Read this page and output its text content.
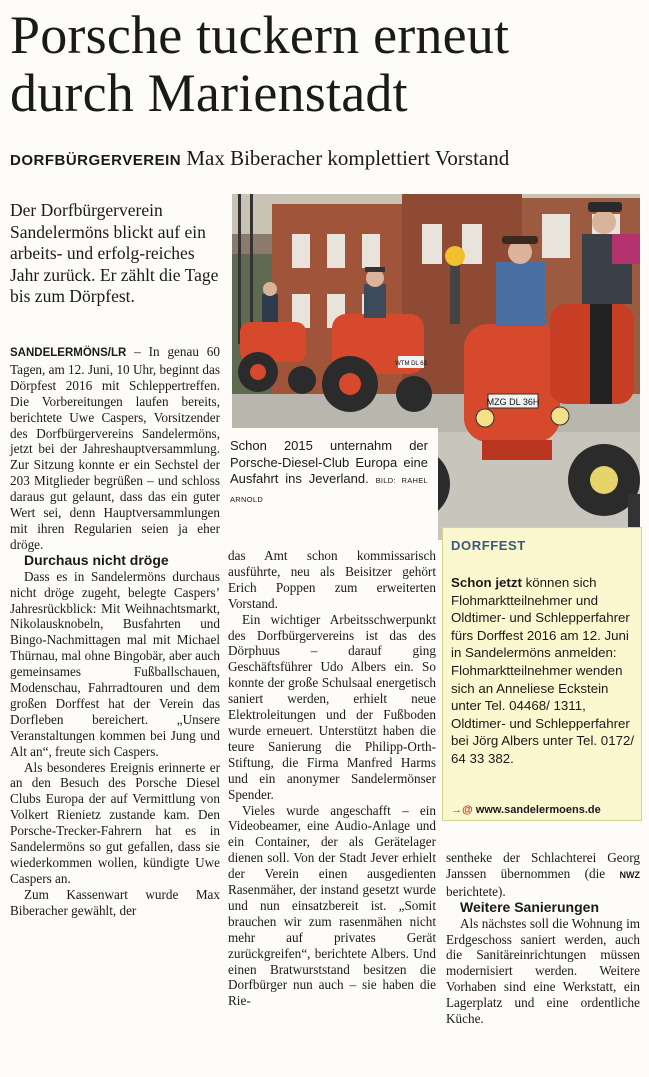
Porsche tuckern erneut durch Marienstadt
DORFBÜRGERVEREIN Max Biberacher komplettiert Vorstand
Der Dorfbürgerverein Sandelermöns blickt auf ein arbeits- und erfolg-reiches Jahr zurück. Er zählt die Tage bis zum Dörpfest.

SANDELERMÖNS/LR – In genau 60 Tagen, am 12. Juni, 10 Uhr, beginnt das Dörpfest 2016 mit Schleppertreffen. Die Vorbereitungen laufen bereits, berichtete Uwe Caspers, Vorsitzender des Dorfbürgervereins Sandelermöns, jetzt bei der Jahreshauptversammlung. Zur Sitzung konnte er ein Sechstel der 203 Mitglieder begrüßen – und schloss daraus gut gelaunt, dass das ein guter Wert sei, denn Hauptversammlungen mit ihren Regularien seien ja eher dröge.

Durchaus nicht dröge

Dass es in Sandelermöns durchaus nicht dröge zugeht, belegte Caspers’ Jahresrückblick: Mit Weihnachtsmarkt, Nikolausknobeln, Busfahrten und Bingo-Nachmittagen mal mit Michael Thürnau, mal ohne Bingobär, aber auch gemeinsames Fußballschauen, Modenschau, Fahrradtouren und dem großen Dorffest hat der Verein das Dorfleben bereichert. „Unsere Veranstaltungen kommen bei Jung und Alt an“, freute sich Caspers.

Als besonderes Ereignis erinnerte er an den Besuch des Porsche Diesel Clubs Europa der auf Vermittlung von Volkert Rienietz zustande kam. Den Porsche-Trecker-Fahrern hat es in Sandelermöns so gut gefallen, dass sie wiederkommen wollen, kündigte Uwe Caspers an.

Zum Kassenwart wurde Max Biberacher gewählt, der

das Amt schon kommissarisch ausführte, neu als Beisitzer gehört Erich Poppen zum erweiterten Vorstand.

Ein wichtiger Arbeitsschwerpunkt des Dorfbürgervereins ist das des Dörphuus – darauf ging Geschäftsführer Udo Albers ein. So konnte der große Schulsaal energetisch saniert werden, erhielt neue Elektroleitungen und der Fußboden wurde erneuert. Unterstützt haben die teure Sanierung die Philipp-Orth-Stiftung, die Firma Manfred Harms und ein anonymer Sandelermönser Spender.

Vieles wurde angeschafft – ein Videobeamer, eine Audio-Anlage und ein Container, der als Gerätelager dienen soll. Von der Stadt Jever erhielt der Verein einen ausgedienten Rasenmäher, der instand gesetzt wurde und nun einsatzbereit ist. „Somit brauchen wir zum rasenmähen nicht mehr auf privates Gerät zurückgreifen“, berichtete Albers. Und einen Bratwurststand besitzen die Dorfbürger nun auch – sie haben die Rie-

sentheke der Schlachterei Georg Janssen übernommen (die NWZ berichtete).

Weitere Sanierungen

Als nächstes soll die Wohnung im Erdgeschoss saniert werden, auch die Sanitäreinrichtungen müssen modernisiert werden. Weitere Vorhaben sind eine Werkstatt, ein Lagerplatz und eine ordentliche Küche.

WTM DL 63
MZG DL 36H
Schon 2015 unternahm der Porsche-Diesel-Club Europa eine Ausfahrt ins Jeverland. BILD: RAHEL ARNOLD
DORFFEST
Schon jetzt können sich Flohmarktteilnehmer und Oldtimer- und Schlepperfahrer fürs Dorffest 2016 am 12. Juni in Sandelermöns anmelden: Flohmarktteilnehmer wenden sich an Anneliese Eckstein unter Tel. 04468/ 1311, Oldtimer- und Schlepperfahrer bei Jörg Albers unter Tel. 0172/ 64 33 382.
→@ www.sandelermoens.de
